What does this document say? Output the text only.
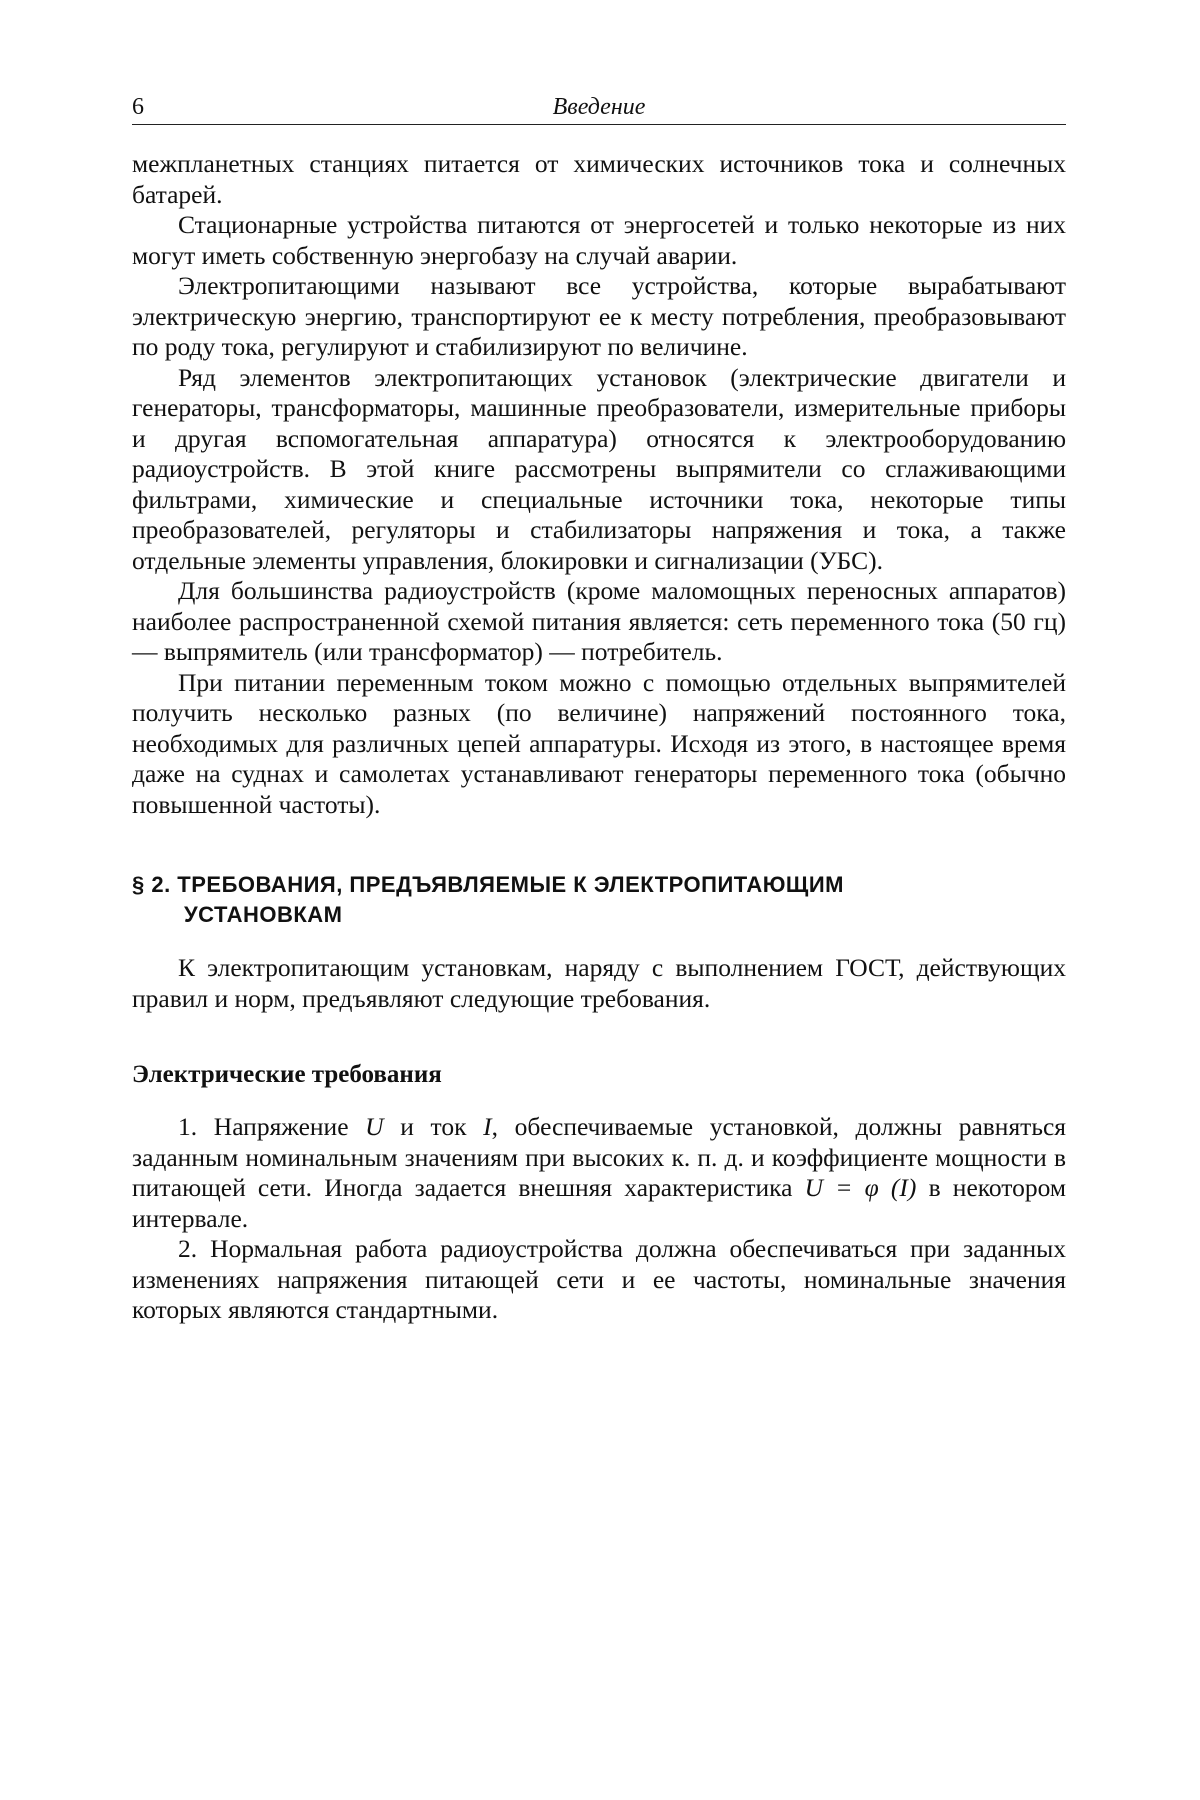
6	Введение

межпланетных станциях питается от химических источников тока и солнечных батарей.

Стационарные устройства питаются от энергосетей и только некоторые из них могут иметь собственную энергобазу на случай аварии.

Электропитающими называют все устройства, которые вырабатывают электрическую энергию, транспортируют ее к месту потребления, преобразовывают по роду тока, регулируют и стабилизируют по величине.

Ряд элементов электропитающих установок (электрические двигатели и генераторы, трансформаторы, машинные преобразователи, измерительные приборы и другая вспомогательная аппаратура) относятся к электрооборудованию радиоустройств. В этой книге рассмотрены выпрямители со сглаживающими фильтрами, химические и специальные источники тока, некоторые типы преобразователей, регуляторы и стабилизаторы напряжения и тока, а также отдельные элементы управления, блокировки и сигнализации (УБС).

Для большинства радиоустройств (кроме маломощных переносных аппаратов) наиболее распространенной схемой питания является: сеть переменного тока (50 гц) — выпрямитель (или трансформатор) — потребитель.

При питании переменным током можно с помощью отдельных выпрямителей получить несколько разных (по величине) напряжений постоянного тока, необходимых для различных цепей аппаратуры. Исходя из этого, в настоящее время даже на суднах и самолетах устанавливают генераторы переменного тока (обычно повышенной частоты).

§ 2. ТРЕБОВАНИЯ, ПРЕДЪЯВЛЯЕМЫЕ К ЭЛЕКТРОПИТАЮЩИМ
УСТАНОВКАМ

К электропитающим установкам, наряду с выполнением ГОСТ, действующих правил и норм, предъявляют следующие требования.

Электрические требования

1. Напряжение U и ток I, обеспечиваемые установкой, должны равняться заданным номинальным значениям при высоких к. п. д. и коэффициенте мощности в питающей сети. Иногда задается внешняя характеристика U = φ (I) в некотором интервале.

2. Нормальная работа радиоустройства должна обеспечиваться при заданных изменениях напряжения питающей сети и ее частоты, номинальные значения которых являются стандартными.
